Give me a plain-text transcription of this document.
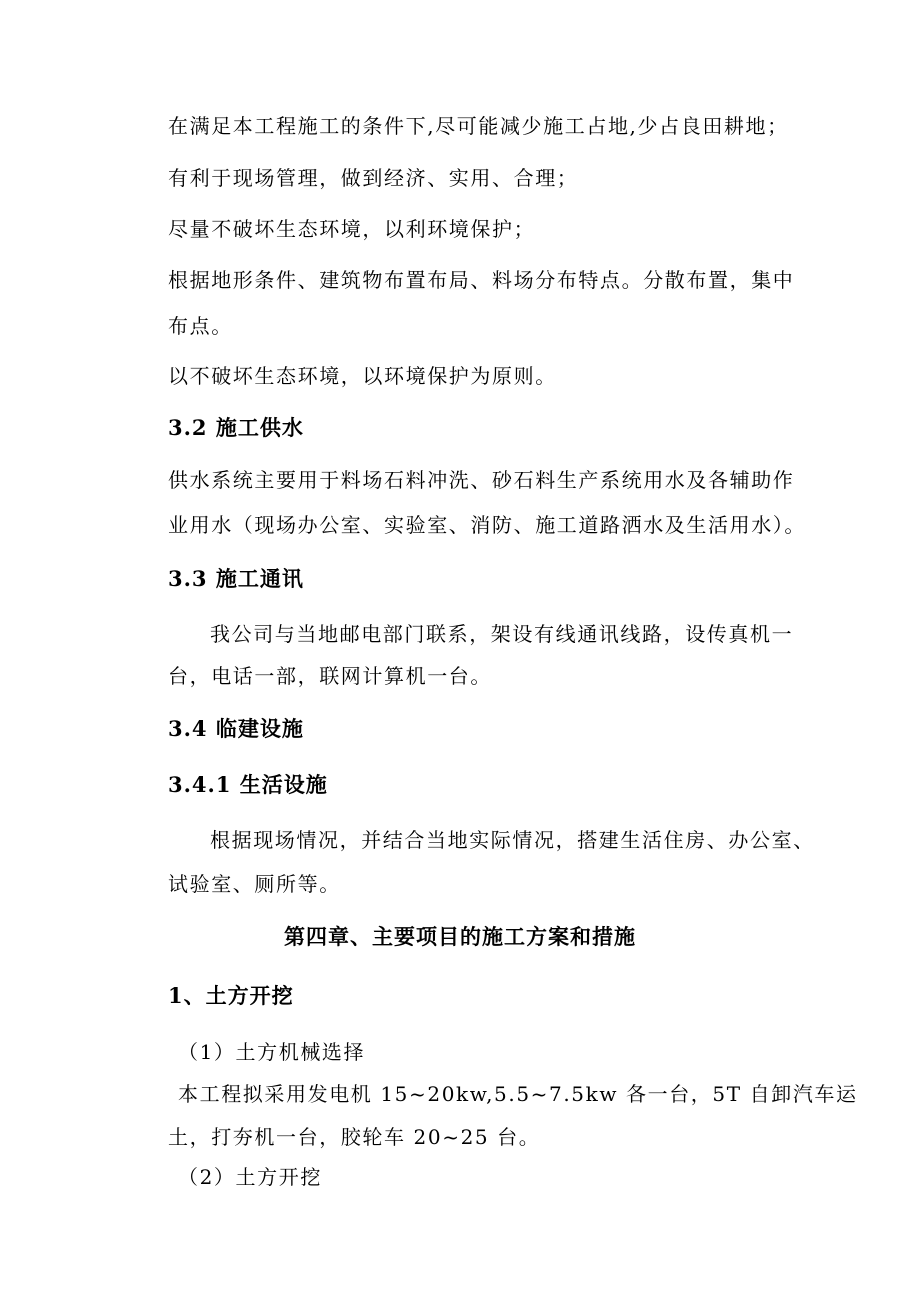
在满足本工程施工的条件下,尽可能减少施工占地,少占良田耕地；

有利于现场管理，做到经济、实用、合理；

尽量不破坏生态环境，以利环境保护；

根据地形条件、建筑物布置布局、料场分布特点。分散布置，集中

布点。

以不破坏生态环境，以环境保护为原则。

3.2 施工供水

供水系统主要用于料场石料冲洗、砂石料生产系统用水及各辅助作

业用水（现场办公室、实验室、消防、施工道路洒水及生活用水）。

3.3 施工通讯

我公司与当地邮电部门联系，架设有线通讯线路，设传真机一

台，电话一部，联网计算机一台。

3.4 临建设施

3.4.1 生活设施

根据现场情况，并结合当地实际情况，搭建生活住房、办公室、

试验室、厕所等。

第四章、主要项目的施工方案和措施

1、土方开挖

（1）土方机械选择

本工程拟采用发电机 15~20kw,5.5~7.5kw 各一台，5T 自卸汽车运

土，打夯机一台，胶轮车 20~25 台。

（2）土方开挖
